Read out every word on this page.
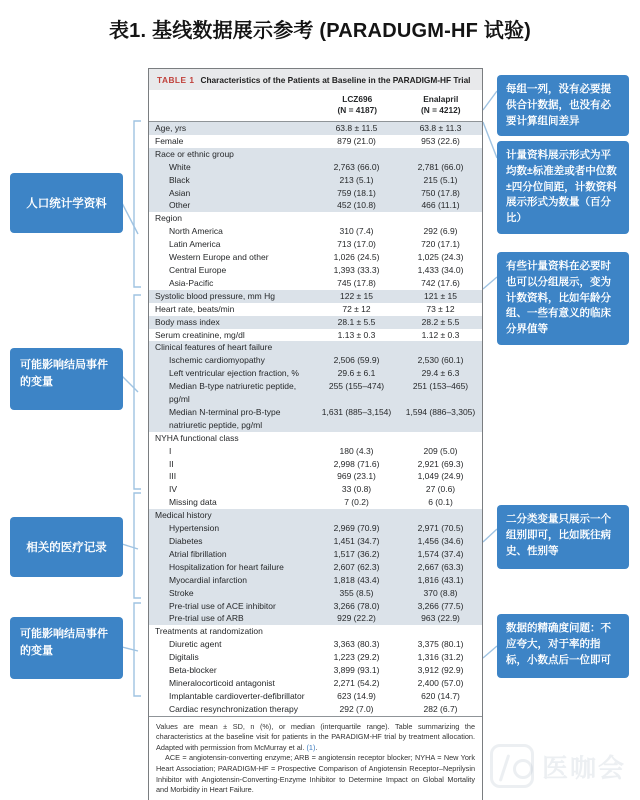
表1. 基线数据展示参考 (PARADUGM-HF 试验)
TABLE 1 Characteristics of the Patients at Baseline in the PARADIGM-HF Trial
LCZ696
(N = 4187)
Enalapril
(N = 4212)
Age, yrs	63.8 ± 11.5	63.8 ± 11.3
Female	879 (21.0)	953 (22.6)
Race or ethnic group
White	2,763 (66.0)	2,781 (66.0)
Black	213 (5.1)	215 (5.1)
Asian	759 (18.1)	750 (17.8)
Other	452 (10.8)	466 (11.1)
Region
North America	310 (7.4)	292 (6.9)
Latin America	713 (17.0)	720 (17.1)
Western Europe and other	1,026 (24.5)	1,025 (24.3)
Central Europe	1,393 (33.3)	1,433 (34.0)
Asia-Pacific	745 (17.8)	742 (17.6)
Systolic blood pressure, mm Hg	122 ± 15	121 ± 15
Heart rate, beats/min	72 ± 12	73 ± 12
Body mass index	28.1 ± 5.5	28.2 ± 5.5
Serum creatinine, mg/dl	1.13 ± 0.3	1.12 ± 0.3
Clinical features of heart failure
Ischemic cardiomyopathy	2,506 (59.9)	2,530 (60.1)
Left ventricular ejection fraction, %	29.6 ± 6.1	29.4 ± 6.3
Median B-type natriuretic peptide, pg/ml
255 (155–474)	251 (153–465)
Median N-terminal pro-B-type natriuretic peptide, pg/ml
1,631 (885–3,154)	1,594 (886–3,305)
NYHA functional class
I	180 (4.3)	209 (5.0)
II	2,998 (71.6)	2,921 (69.3)
III	969 (23.1)	1,049 (24.9)
IV	33 (0.8)	27 (0.6)
Missing data	7 (0.2)	6 (0.1)
Medical history
Hypertension	2,969 (70.9)	2,971 (70.5)
Diabetes	1,451 (34.7)	1,456 (34.6)
Atrial fibrillation	1,517 (36.2)	1,574 (37.4)
Hospitalization for heart failure	2,607 (62.3)	2,667 (63.3)
Myocardial infarction	1,818 (43.4)	1,816 (43.1)
Stroke	355 (8.5)	370 (8.8)
Pre-trial use of ACE inhibitor	3,266 (78.0)	3,266 (77.5)
Pre-trial use of ARB	929 (22.2)	963 (22.9)
Treatments at randomization
Diuretic agent	3,363 (80.3)	3,375 (80.1)
Digitalis	1,223 (29.2)	1,316 (31.2)
Beta-blocker	3,899 (93.1)	3,912 (92.9)
Mineralocorticoid antagonist	2,271 (54.2)	2,400 (57.0)
Implantable cardioverter-defibrillator	623 (14.9)	620 (14.7)
Cardiac resynchronization therapy	292 (7.0)	282 (6.7)

Values are mean ± SD, n (%), or median (interquartile range). Table summarizing the characteristics at the baseline visit for patients in the PARADIGM-HF trial by treatment allocation. Adapted with permission from McMurray et al. (1).

ACE = angiotensin-converting enzyme; ARB = angiotensin receptor blocker; NYHA = New York Heart Association; PARADIGM-HF = Prospective Comparison of Angiotensin Receptor–Neprilysin Inhibitor with Angiotensin-Converting-Enzyme Inhibitor to Determine Impact on Global Mortality and Morbidity in Heart Failure.

人口统计学资料
可能影响结局事件的变量
相关的医疗记录
可能影响结局事件的变量
每组一列，没有必要提供合计数据，也没有必要计算组间差异
计量资料展示形式为平均数±标准差或者中位数±四分位间距，计数资料展示形式为数量（百分比）
有些计量资料在必要时也可以分组展示，变为计数资料，比如年龄分组、一些有意义的临床分界值等
二分类变量只展示一个组别即可，比如既往病史、性别等
数据的精确度问题：不应夸大，对于率的指标，小数点后一位即可
医咖会
